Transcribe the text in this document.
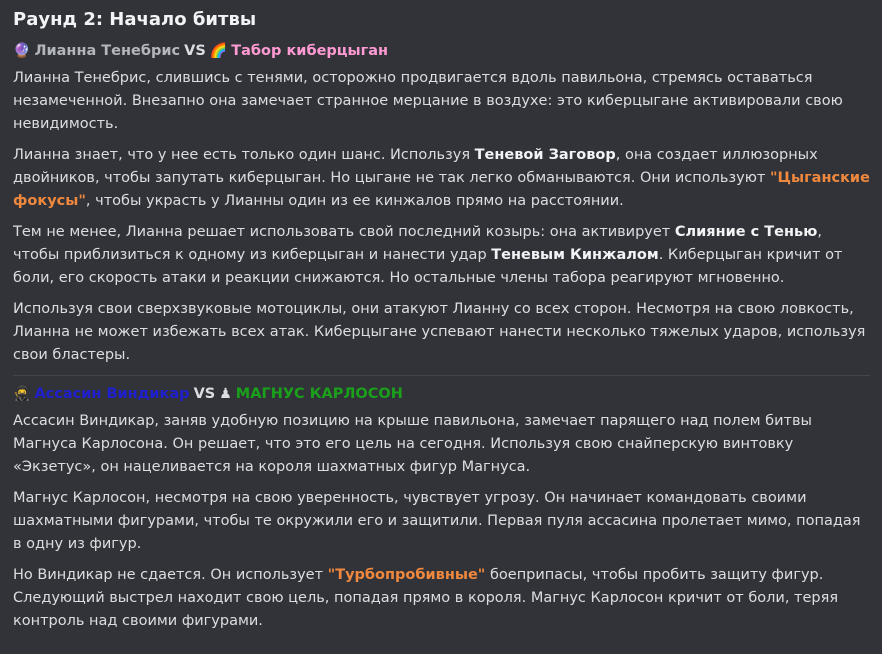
Раунд 2: Начало битвы
🔮 Лианна Тенебрис VS 🌈 Табор киберцыган

Лианна Тенебрис, слившись с тенями, осторожно продвигается вдоль павильона, стремясь оставаться незамеченной. Внезапно она замечает странное мерцание в воздухе: это киберцыгане активировали свою невидимость.

Лианна знает, что у нее есть только один шанс. Используя Теневой Заговор, она создает иллюзорных двойников, чтобы запутать киберцыган. Но цыгане не так легко обманываются. Они используют "Цыганские фокусы", чтобы украсть у Лианны один из ее кинжалов прямо на расстоянии.

Тем не менее, Лианна решает использовать свой последний козырь: она активирует Слияние с Тенью, чтобы приблизиться к одному из киберцыган и нанести удар Теневым Кинжалом. Киберцыган кричит от боли, его скорость атаки и реакции снижаются. Но остальные члены табора реагируют мгновенно.

Используя свои сверхзвуковые мотоциклы, они атакуют Лианну со всех сторон. Несмотря на свою ловкость, Лианна не может избежать всех атак. Киберцыгане успевают нанести несколько тяжелых ударов, используя свои бластеры.

🥷 Ассасин Виндикар VS ♟ МАГНУС КАРЛОСОН

Ассасин Виндикар, заняв удобную позицию на крыше павильона, замечает парящего над полем битвы Магнуса Карлосона. Он решает, что это его цель на сегодня. Используя свою снайперскую винтовку «Экзетус», он нацеливается на короля шахматных фигур Магнуса.

Магнус Карлосон, несмотря на свою уверенность, чувствует угрозу. Он начинает командовать своими шахматными фигурами, чтобы те окружили его и защитили. Первая пуля ассасина пролетает мимо, попадая в одну из фигур.

Но Виндикар не сдается. Он использует "Турбопробивные" боеприпасы, чтобы пробить защиту фигур. Следующий выстрел находит свою цель, попадая прямо в короля. Магнус Карлосон кричит от боли, теряя контроль над своими фигурами.
